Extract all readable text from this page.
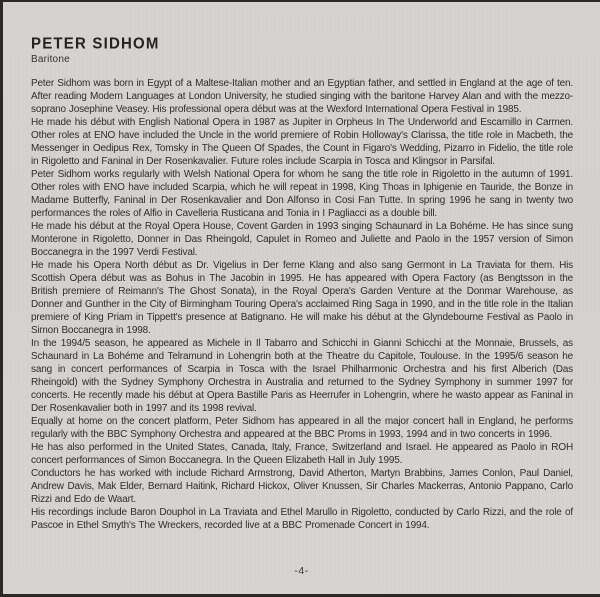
PETER SIDHOM

Baritone

Peter Sidhom was born in Egypt of a Maltese-Italian mother and an Egyptian father, and settled in England at the age of ten. After reading Modern Languages at London University, he studied singing with the baritone Harvey Alan and with the mezzo-soprano Josephine Veasey. His professional opera début was at the Wexford International Opera Festival in 1985.

He made his début with English National Opera in 1987 as Jupiter in Orpheus In The Underworld and Escamillo in Carmen. Other roles at ENO have included the Uncle in the world premiere of Robin Holloway's Clarissa, the title role in Macbeth, the Messenger in Oedipus Rex, Tomsky in The Queen Of Spades, the Count in Figaro's Wedding, Pizarro in Fidelio, the title role in Rigoletto and Faninal in Der Rosenkavalier. Future roles include Scarpia in Tosca and Klingsor in Parsifal.

Peter Sidhom works regularly with Welsh National Opera for whom he sang the title role in Rigoletto in the autumn of 1991. Other roles with ENO have included Scarpia, which he will repeat in 1998, King Thoas in Iphigenie en Tauride, the Bonze in Madame Butterfly, Faninal in Der Rosenkavalier and Don Alfonso in Cosi Fan Tutte. In spring 1996 he sang in twenty two performances the roles of Alfio in Cavelleria Rusticana and Tonia in I Pagliacci as a double bill.

He made his début at the Royal Opera House, Covent Garden in 1993 singing Schaunard in La Bohéme. He has since sung Monterone in Rigoletto, Donner in Das Rheingold, Capulet in Romeo and Juliette and Paolo in the 1957 version of Simon Boccanegra in the 1997 Verdi Festival.

He made his Opera North début as Dr. Vigelius in Der ferne Klang and also sang Germont in La Traviata for them. His Scottish Opera début was as Bohus in The Jacobin in 1995. He has appeared with Opera Factory (as Bengtsson in the British premiere of Reimann's The Ghost Sonata), in the Royal Opera's Garden Venture at the Donmar Warehouse, as Donner and Gunther in the City of Birmingham Touring Opera's acclaimed Ring Saga in 1990, and in the title role in the Italian premiere of King Priam in Tippett's presence at Batignano. He will make his début at the Glyndebourne Festival as Paolo in Simon Boccanegra in 1998.

In the 1994/5 season, he appeared as Michele in Il Tabarro and Schicchi in Gianni Schicchi at the Monnaie, Brussels, as Schaunard in La Bohéme and Telramund in Lohengrin both at the Theatre du Capitole, Toulouse. In the 1995/6 season he sang in concert performances of Scarpia in Tosca with the Israel Philharmonic Orchestra and his first Alberich (Das Rheingold) with the Sydney Symphony Orchestra in Australia and returned to the Sydney Symphony in summer 1997 for concerts. He recently made his début at Opera Bastille Paris as Heerrufer in Lohengrin, where he wasto appear as Faninal in Der Rosenkavalier both in 1997 and its 1998 revival.

Equally at home on the concert platform, Peter Sidhom has appeared in all the major concert hall in England, he performs regularly with the BBC Symphony Orchestra and appeared at the BBC Proms in 1993, 1994 and in two concerts in 1996.

He has also performed in the United States, Canada, Italy, France, Switzerland and Israel. He appeared as Paolo in ROH concert performances of Simon Boccanegra. In the Queen Elizabeth Hall in July 1995.

Conductors he has worked with include Richard Armstrong, David Atherton, Martyn Brabbins, James Conlon, Paul Daniel, Andrew Davis, Mak Elder, Bernard Haitink, Richard Hickox, Oliver Knussen, Sir Charles Mackerras, Antonio Pappano, Carlo Rizzi and Edo de Waart.

His recordings include Baron Douphol in La Traviata and Ethel Marullo in Rigoletto, conducted by Carlo Rizzi, and the role of Pascoe in Ethel Smyth's The Wreckers, recorded live at a BBC Promenade Concert in 1994.

-4-
